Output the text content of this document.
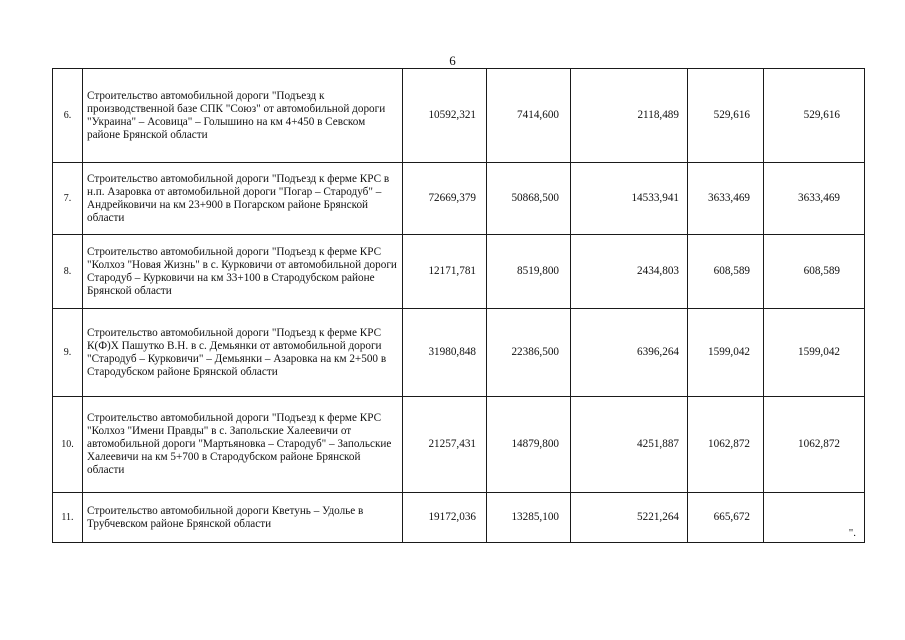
6
6.	Строительство автомобильной дороги "Подъезд к производственной базе СПК "Союз" от автомобильной дороги "Украина" – Асовица" – Голышино на км 4+450 в Севском районе Брянской области	10592,321	7414,600	2118,489	529,616	529,616
7.	Строительство автомобильной дороги "Подъезд к ферме КРС в н.п. Азаровка от автомобильной дороги "Погар – Стародуб" – Андрейковичи на км 23+900 в Погарском районе Брянской области	72669,379	50868,500	14533,941	3633,469	3633,469
8.	Строительство автомобильной дороги "Подъезд к ферме КРС "Колхоз "Новая Жизнь" в с. Курковичи от автомобильной дороги Стародуб – Курковичи на км 33+100 в Стародубском районе Брянской области	12171,781	8519,800	2434,803	608,589	608,589
9.	Строительство автомобильной дороги "Подъезд к ферме КРС К(Ф)Х Пашутко В.Н. в с. Демьянки от автомобильной дороги "Стародуб – Курковичи" – Демьянки – Азаровка на км 2+500 в Стародубском районе Брянской области	31980,848	22386,500	6396,264	1599,042	1599,042
10.	Строительство автомобильной дороги "Подъезд к ферме КРС "Колхоз "Имени Правды" в с. Запольские Халеевичи от автомобильной дороги "Мартьяновка – Стародуб" – Запольские Халеевичи на км 5+700 в Стародубском районе Брянской области	21257,431	14879,800	4251,887	1062,872	1062,872
11.	Строительство автомобильной дороги Кветунь – Удолье в Трубчевском районе Брянской области	19172,036	13285,100	5221,264	665,672	".
